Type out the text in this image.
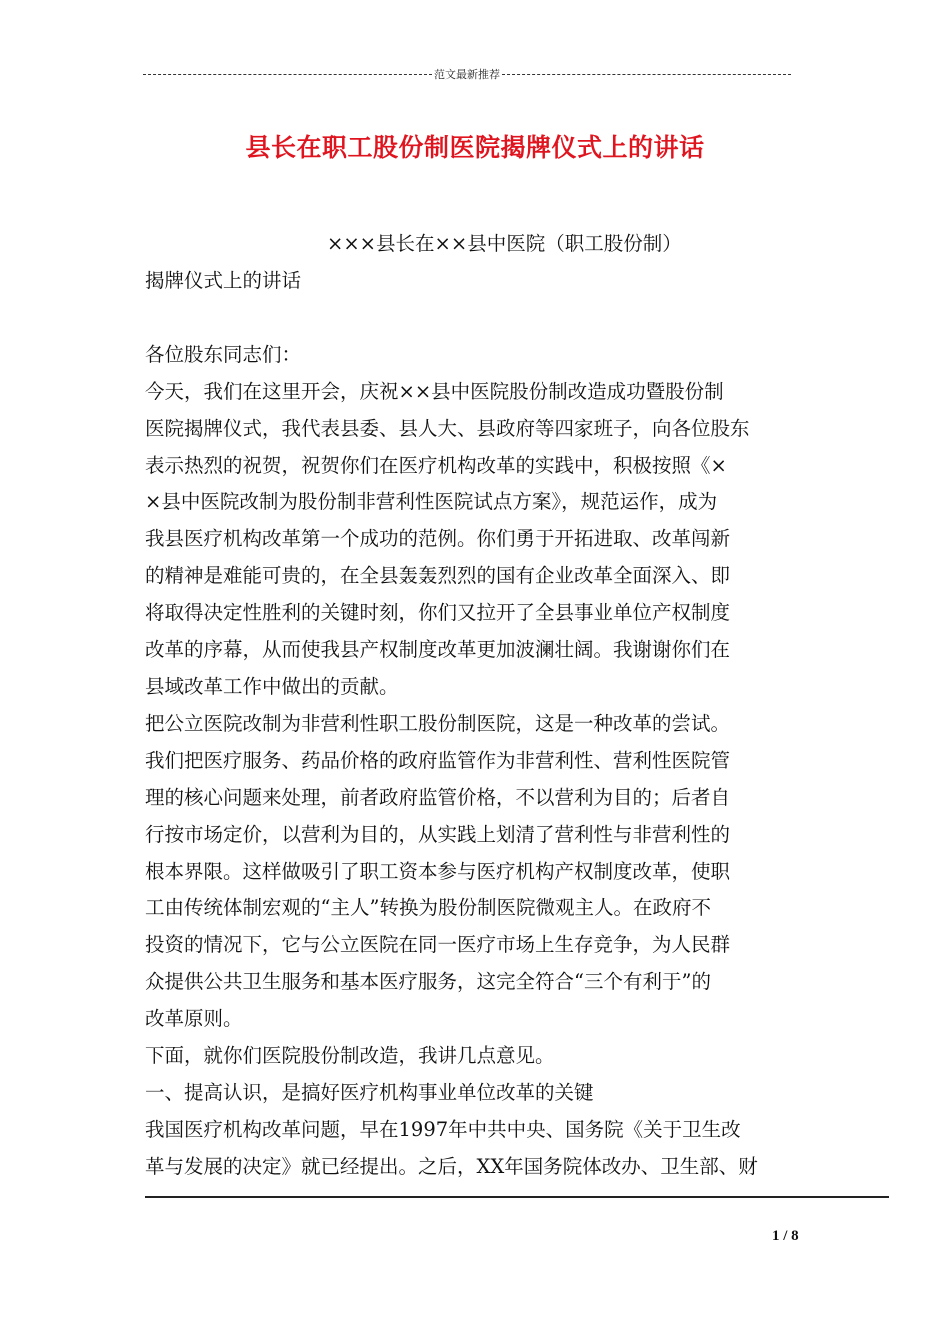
范文最新推荐
县长在职工股份制医院揭牌仪式上的讲话

×××县长在××县中医院（职工股份制）

揭牌仪式上的讲话

各位股东同志们：

今天，我们在这里开会，庆祝××县中医院股份制改造成功暨股份制

医院揭牌仪式，我代表县委、县人大、县政府等四家班子，向各位股东

表示热烈的祝贺，祝贺你们在医疗机构改革的实践中，积极按照《×

×县中医院改制为股份制非营利性医院试点方案》，规范运作，成为

我县医疗机构改革第一个成功的范例。你们勇于开拓进取、改革闯新

的精神是难能可贵的，在全县轰轰烈烈的国有企业改革全面深入、即

将取得决定性胜利的关键时刻，你们又拉开了全县事业单位产权制度

改革的序幕，从而使我县产权制度改革更加波澜壮阔。我谢谢你们在

县域改革工作中做出的贡献。

把公立医院改制为非营利性职工股份制医院，这是一种改革的尝试。

我们把医疗服务、药品价格的政府监管作为非营利性、营利性医院管

理的核心问题来处理，前者政府监管价格，不以营利为目的；后者自

行按市场定价，以营利为目的，从实践上划清了营利性与非营利性的

根本界限。这样做吸引了职工资本参与医疗机构产权制度改革，使职

工由传统体制宏观的“主人”转换为股份制医院微观主人。在政府不

投资的情况下，它与公立医院在同一医疗市场上生存竞争，为人民群

众提供公共卫生服务和基本医疗服务，这完全符合“三个有利于”的

改革原则。

下面，就你们医院股份制改造，我讲几点意见。

一、提高认识，是搞好医疗机构事业单位改革的关键

我国医疗机构改革问题，早在1997年中共中央、国务院《关于卫生改

革与发展的决定》就已经提出。之后，XX年国务院体改办、卫生部、财

1 / 8
